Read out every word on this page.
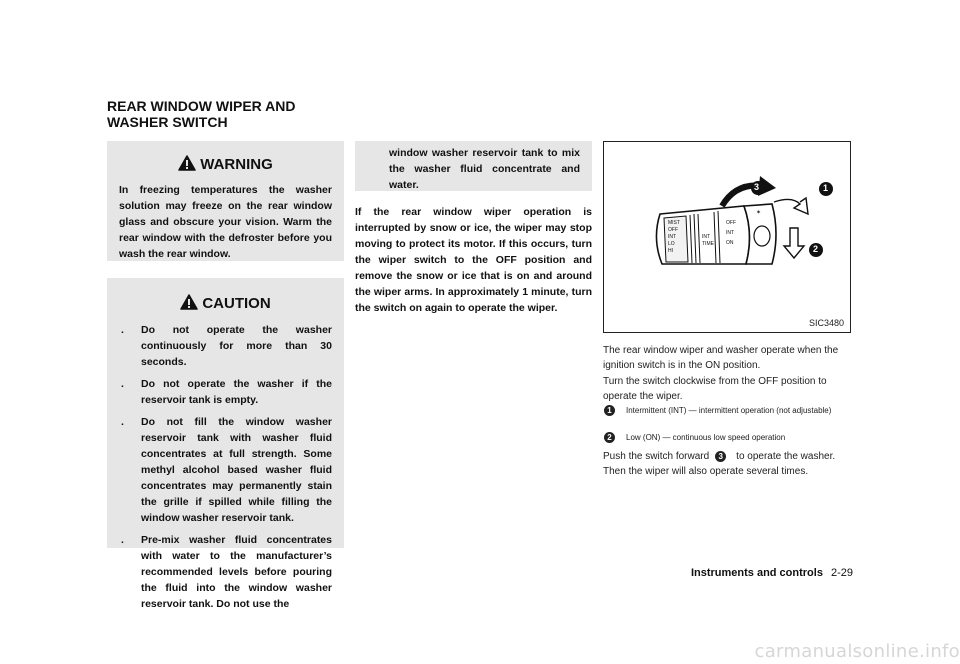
REAR WINDOW WIPER AND
WASHER SWITCH
WARNING

In freezing temperatures the washer solution may freeze on the rear window glass and obscure your vision. Warm the rear window with the defroster before you wash the rear window.

CAUTION
. Do not operate the washer continuously for more than 30 seconds.
. Do not operate the washer if the reservoir tank is empty.
. Do not fill the window washer reservoir tank with washer fluid concentrates at full strength. Some methyl alcohol based washer fluid concentrates may permanently stain the grille if spilled while filling the window washer reservoir tank.
. Pre-mix washer fluid concentrates with water to the manufacturer’s recommended levels before pouring the fluid into the window washer reservoir tank. Do not use the
window washer reservoir tank to mix the washer fluid concentrate and water.

If the rear window wiper operation is interrupted by snow or ice, the wiper may stop moving to protect its motor. If this occurs, turn the wiper switch to the OFF position and remove the snow or ice that is on and around the wiper arms. In approximately 1 minute, turn the switch on again to operate the wiper.

✶
3	1
2
MIST
OFF
INT
LO
HI
INT
TIME
OFF
INT
ON
SIC3480

The rear window wiper and washer operate when the ignition switch is in the ON position.

Turn the switch clockwise from the OFF position to operate the wiper.

1	Intermittent (INT) — intermittent operation (not adjustable)
2	Low (ON) — continuous low speed operation

Push the switch forward 3 to operate the washer. Then the wiper will also operate several times.

Instruments and controls 2-29
carmanualsonline.info
